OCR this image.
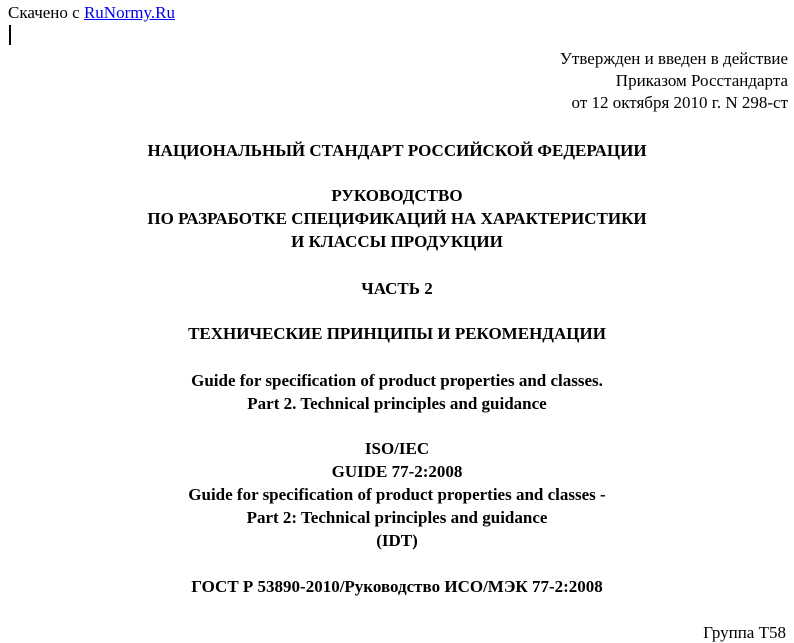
Скачено с RuNormy.Ru
Утвержден и введен в действие
Приказом Росстандарта
от 12 октября 2010 г. N 298-ст
НАЦИОНАЛЬНЫЙ СТАНДАРТ РОССИЙСКОЙ ФЕДЕРАЦИИ
РУКОВОДСТВО
ПО РАЗРАБОТКЕ СПЕЦИФИКАЦИЙ НА ХАРАКТЕРИСТИКИ
И КЛАССЫ ПРОДУКЦИИ
ЧАСТЬ 2
ТЕХНИЧЕСКИЕ ПРИНЦИПЫ И РЕКОМЕНДАЦИИ
Guide for specification of product properties and classes.
Part 2. Technical principles and guidance
ISO/IEC
GUIDE 77-2:2008
Guide for specification of product properties and classes -
Part 2: Technical principles and guidance
(IDT)
ГОСТ Р 53890-2010/Руководство ИСО/МЭК 77-2:2008
Группа Т58
